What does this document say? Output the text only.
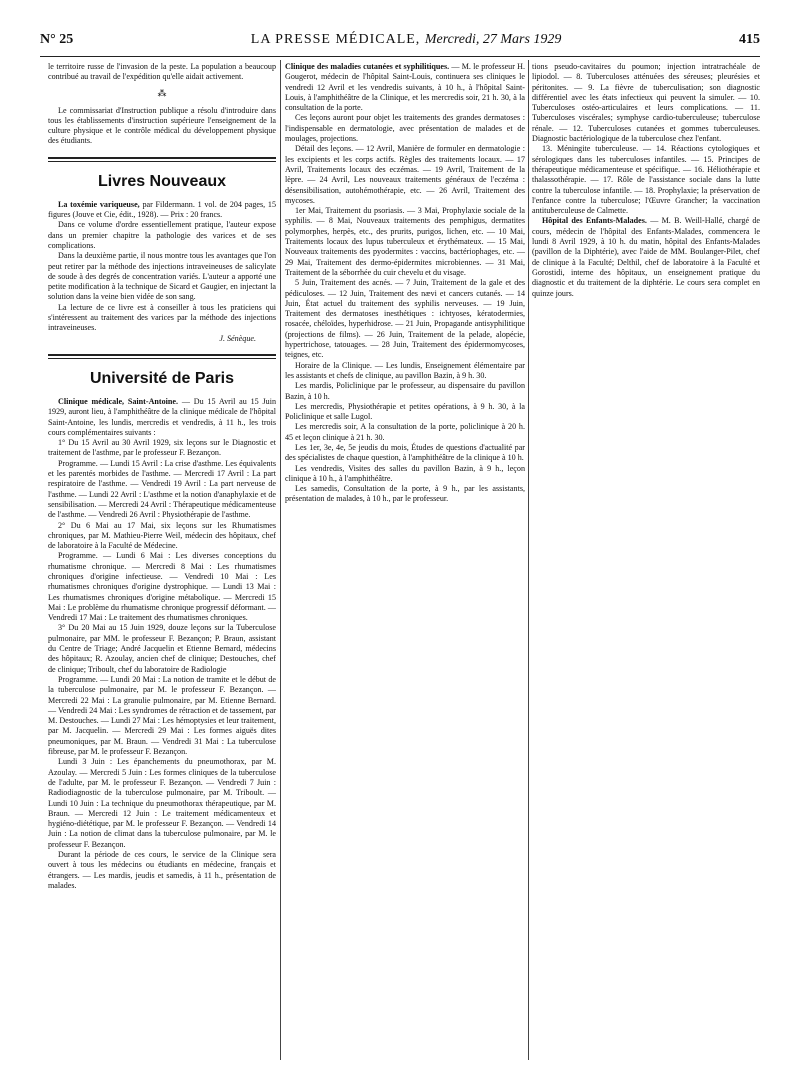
N° 25	LA PRESSE MÉDICALE, Mercredi, 27 Mars 1929	415

le territoire russe de l'invasion de la peste. La population a beaucoup contribué au travail de l'expédition qu'elle aidait activement.

⁂

Le commissariat d'Instruction publique a résolu d'introduire dans tous les établissements d'instruction supérieure l'enseignement de la culture physique et le contrôle médical du développement physique des étudiants.

Livres Nouveaux

La toxémie variqueuse, par Fildermann. 1 vol. de 204 pages, 15 figures (Jouve et Cie, édit., 1928). — Prix : 20 francs.

Dans ce volume d'ordre essentiellement pratique, l'auteur expose dans un premier chapitre la pathologie des varices et de ses complications.

Dans la deuxième partie, il nous montre tous les avantages que l'on peut retirer par la méthode des injections intraveineuses de salicylate de soude à des degrés de concentration variés. L'auteur a apporté une petite modification à la technique de Sicard et Gaugier, en injectant la solution dans la veine bien vidée de son sang.

La lecture de ce livre est à conseiller à tous les praticiens qui s'intéressent au traitement des varices par la méthode des injections intraveineuses.

J. Sénèque.
Université de Paris

Clinique médicale, Saint-Antoine. — Du 15 Avril au 15 Juin 1929, auront lieu, à l'amphithéâtre de la clinique médicale de l'hôpital Saint-Antoine, les lundis, mercredis et vendredis, à 11 h., les trois cours complémentaires suivants :

1° Du 15 Avril au 30 Avril 1929, six leçons sur le Diagnostic et traitement de l'asthme, par le professeur F. Bezançon.

Programme. — Lundi 15 Avril : La crise d'asthme. Les équivalents et les parentés morbides de l'asthme. — Mercredi 17 Avril : La part respiratoire de l'asthme. — Vendredi 19 Avril : La part nerveuse de l'asthme. — Lundi 22 Avril : L'asthme et la notion d'anaphylaxie et de sensibilisation. — Mercredi 24 Avril : Thérapeutique médicamenteuse de l'asthme. — Vendredi 26 Avril : Physiothérapie de l'asthme.

2° Du 6 Mai au 17 Mai, six leçons sur les Rhumatismes chroniques, par M. Mathieu-Pierre Weil, médecin des hôpitaux, chef de laboratoire à la Faculté de Médecine.

Programme. — Lundi 6 Mai : Les diverses conceptions du rhumatisme chronique. — Mercredi 8 Mai : Les rhumatismes chroniques d'origine infectieuse. — Vendredi 10 Mai : Les rhumatismes chroniques d'origine dystrophique. — Lundi 13 Mai : Les rhumatismes chroniques d'origine métabolique. — Mercredi 15 Mai : Le problème du rhumatisme chronique progressif déformant. — Vendredi 17 Mai : Le traitement des rhumatismes chroniques.

3° Du 20 Mai au 15 Juin 1929, douze leçons sur la Tuberculose pulmonaire, par MM. le professeur F. Bezançon; P. Braun, assistant du Centre de Triage; André Jacquelin et Etienne Bernard, médecins des hôpitaux; R. Azoulay, ancien chef de clinique; Destouches, chef de clinique; Triboult, chef du laboratoire de Radiologie

Programme. — Lundi 20 Mai : La notion de tramite et le début de la tuberculose pulmonaire, par M. le professeur F. Bezançon. — Mercredi 22 Mai : La granulie pulmonaire, par M. Etienne Bernard. — Vendredi 24 Mai : Les syndromes de rétraction et de tassement, par M. Destouches. — Lundi 27 Mai : Les hémoptysies et leur traitement, par M. Jacquelin. — Mercredi 29 Mai : Les formes aiguës dites pneumoniques, par M. Braun. — Vendredi 31 Mai : La tuberculose fibreuse, par M. le professeur F. Bezançon.

Lundi 3 Juin : Les épanchements du pneumothorax, par M. Azoulay. — Mercredi 5 Juin : Les formes cliniques de la tuberculose de l'adulte, par M. le professeur F. Bezançon. — Vendredi 7 Juin : Radiodiagnostic de la tuberculose pulmonaire, par M. Triboult. — Lundi 10 Juin : La technique du pneumothorax thérapeutique, par M. Braun. — Mercredi 12 Juin : Le traitement médicamenteux et hygiéno-diététique, par M. le professeur F. Bezançon. — Vendredi 14 Juin : La notion de climat dans la tuberculose pulmonaire, par M. le professeur F. Bezançon.

Durant la période de ces cours, le service de la Clinique sera ouvert à tous les médecins ou étudiants en médecine, français et étrangers. — Les mardis, jeudis et samedis, à 11 h., présentation de malades.

Clinique des maladies cutanées et syphilitiques. — M. le professeur H. Gougerot, médecin de l'hôpital Saint-Louis, continuera ses cliniques le vendredi 12 Avril et les vendredis suivants, à 10 h., à l'hôpital Saint-Louis, à l'amphithéâtre de la Clinique, et les mercredis soir, 21 h. 30, à la consultation de la porte.

Ces leçons auront pour objet les traitements des grandes dermatoses : l'indispensable en dermatologie, avec présentation de malades et de moulages, projections.

Détail des leçons. — 12 Avril, Manière de formuler en dermatologie : les excipients et les corps actifs. Règles des traitements locaux. — 17 Avril, Traitements locaux des eczémas. — 19 Avril, Traitement de la lèpre. — 24 Avril, Les nouveaux traitements généraux de l'eczéma : désensibilisation, autohémothérapie, etc. — 26 Avril, Traitement des mycoses.

1er Mai, Traitement du psoriasis. — 3 Mai, Prophylaxie sociale de la syphilis. — 8 Mai, Nouveaux traitements des pemphigus, dermatites polymorphes, herpès, etc., des prurits, purigos, lichen, etc. — 10 Mai, Traitements locaux des lupus tuberculeux et érythémateux. — 15 Mai, Nouveaux traitements des pyodermites : vaccins, bactériophages, etc. — 29 Mai, Traitement des dermo-épidermites microbiennes. — 31 Mai, Traitement de la séborrhée du cuir chevelu et du visage.

5 Juin, Traitement des acnés. — 7 Juin, Traitement de la gale et des pédiculoses. — 12 Juin, Traitement des nævi et cancers cutanés. — 14 Juin, État actuel du traitement des syphilis nerveuses. — 19 Juin, Traitement des dermatoses inesthétiques : ichtyoses, kératodermies, rosacée, chéloïdes, hyperhidrose. — 21 Juin, Propagande antisyphilitique (projections de films). — 26 Juin, Traitement de la pelade, alopécie, hypertrichose, tatouages. — 28 Juin, Traitement des épidermomycoses, teignes, etc.

Horaire de la Clinique. — Les lundis, Enseignement élémentaire par les assistants et chefs de clinique, au pavillon Bazin, à 9 h. 30.

Les mardis, Policlinique par le professeur, au dispensaire du pavillon Bazin, à 10 h.

Les mercredis, Physiothérapie et petites opérations, à 9 h. 30, à la Policlinique et salle Lugol.

Les mercredis soir, A la consultation de la porte, policlinique à 20 h. 45 et leçon clinique à 21 h. 30.

Les 1er, 3e, 4e, 5e jeudis du mois, Études de questions d'actualité par des spécialistes de chaque question, à l'amphithéâtre de la clinique à 10 h.

Les vendredis, Visites des salles du pavillon Bazin, à 9 h., leçon clinique à 10 h., à l'amphithéâtre.

Les samedis, Consultation de la porte, à 9 h., par les assistants, présentation de malades, à 10 h., par le professeur.

tions pseudo-cavitaires du poumon; injection intratrachéale de lipiodol. — 8. Tuberculoses atténuées des séreuses; pleurésies et péritonites. — 9. La fièvre de tuberculisation; son diagnostic différentiel avec les états infectieux qui peuvent la simuler. — 10. Tuberculoses ostéo-articulaires et leurs complications. — 11. Tuberculoses viscérales; symphyse cardio-tuberculeuse; tuberculose rénale. — 12. Tuberculoses cutanées et gommes tuberculeuses. Diagnostic bactériologique de la tuberculose chez l'enfant.

13. Méningite tuberculeuse. — 14. Réactions cytologiques et sérologiques dans les tuberculoses infantiles. — 15. Principes de thérapeutique médicamenteuse et spécifique. — 16. Héliothérapie et thalassothérapie. — 17. Rôle de l'assistance sociale dans la lutte contre la tuberculose infantile. — 18. Prophylaxie; la préservation de l'enfance contre la tuberculose; l'Œuvre Grancher; la vaccination antituberculeuse de Calmette.

Hôpital des Enfants-Malades. — M. B. Weill-Hallé, chargé de cours, médecin de l'hôpital des Enfants-Malades, commencera le lundi 8 Avril 1929, à 10 h. du matin, hôpital des Enfants-Malades (pavillon de la Diphtérie), avec l'aide de MM. Boulanger-Pilet, chef de clinique à la Faculté; Delthil, chef de laboratoire à la Faculté et Gorostidi, interne des hôpitaux, un enseignement pratique du diagnostic et du traitement de la diphtérie. Le cours sera complet en quinze jours.
